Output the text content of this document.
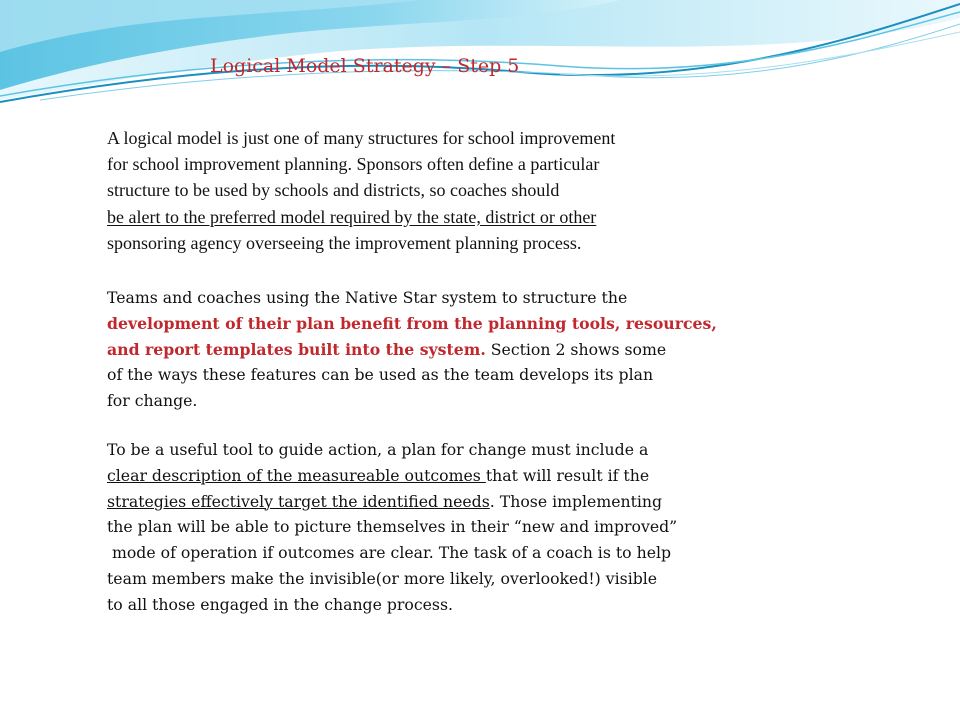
Logical Model Strategy – Step 5
A logical model is just one of many structures for school improvement
for school improvement planning. Sponsors often define a particular
structure to be used by schools and districts, so coaches should
be alert to the preferred model required by the state, district or other
sponsoring agency overseeing the improvement planning process.
Teams and coaches using the Native Star system to structure the
development of their plan benefit from the planning tools, resources,
and report templates built into the system. Section 2 shows some
of the ways these features can be used as the team develops its plan
for change.
To be a useful tool to guide action, a plan for change must include a
clear description of the measureable outcomes that will result if the
strategies effectively target the identified needs. Those implementing
the plan will be able to picture themselves in their “new and improved”
mode of operation if outcomes are clear. The task of a coach is to help
team members make the invisible(or more likely, overlooked!) visible
to all those engaged in the change process.
